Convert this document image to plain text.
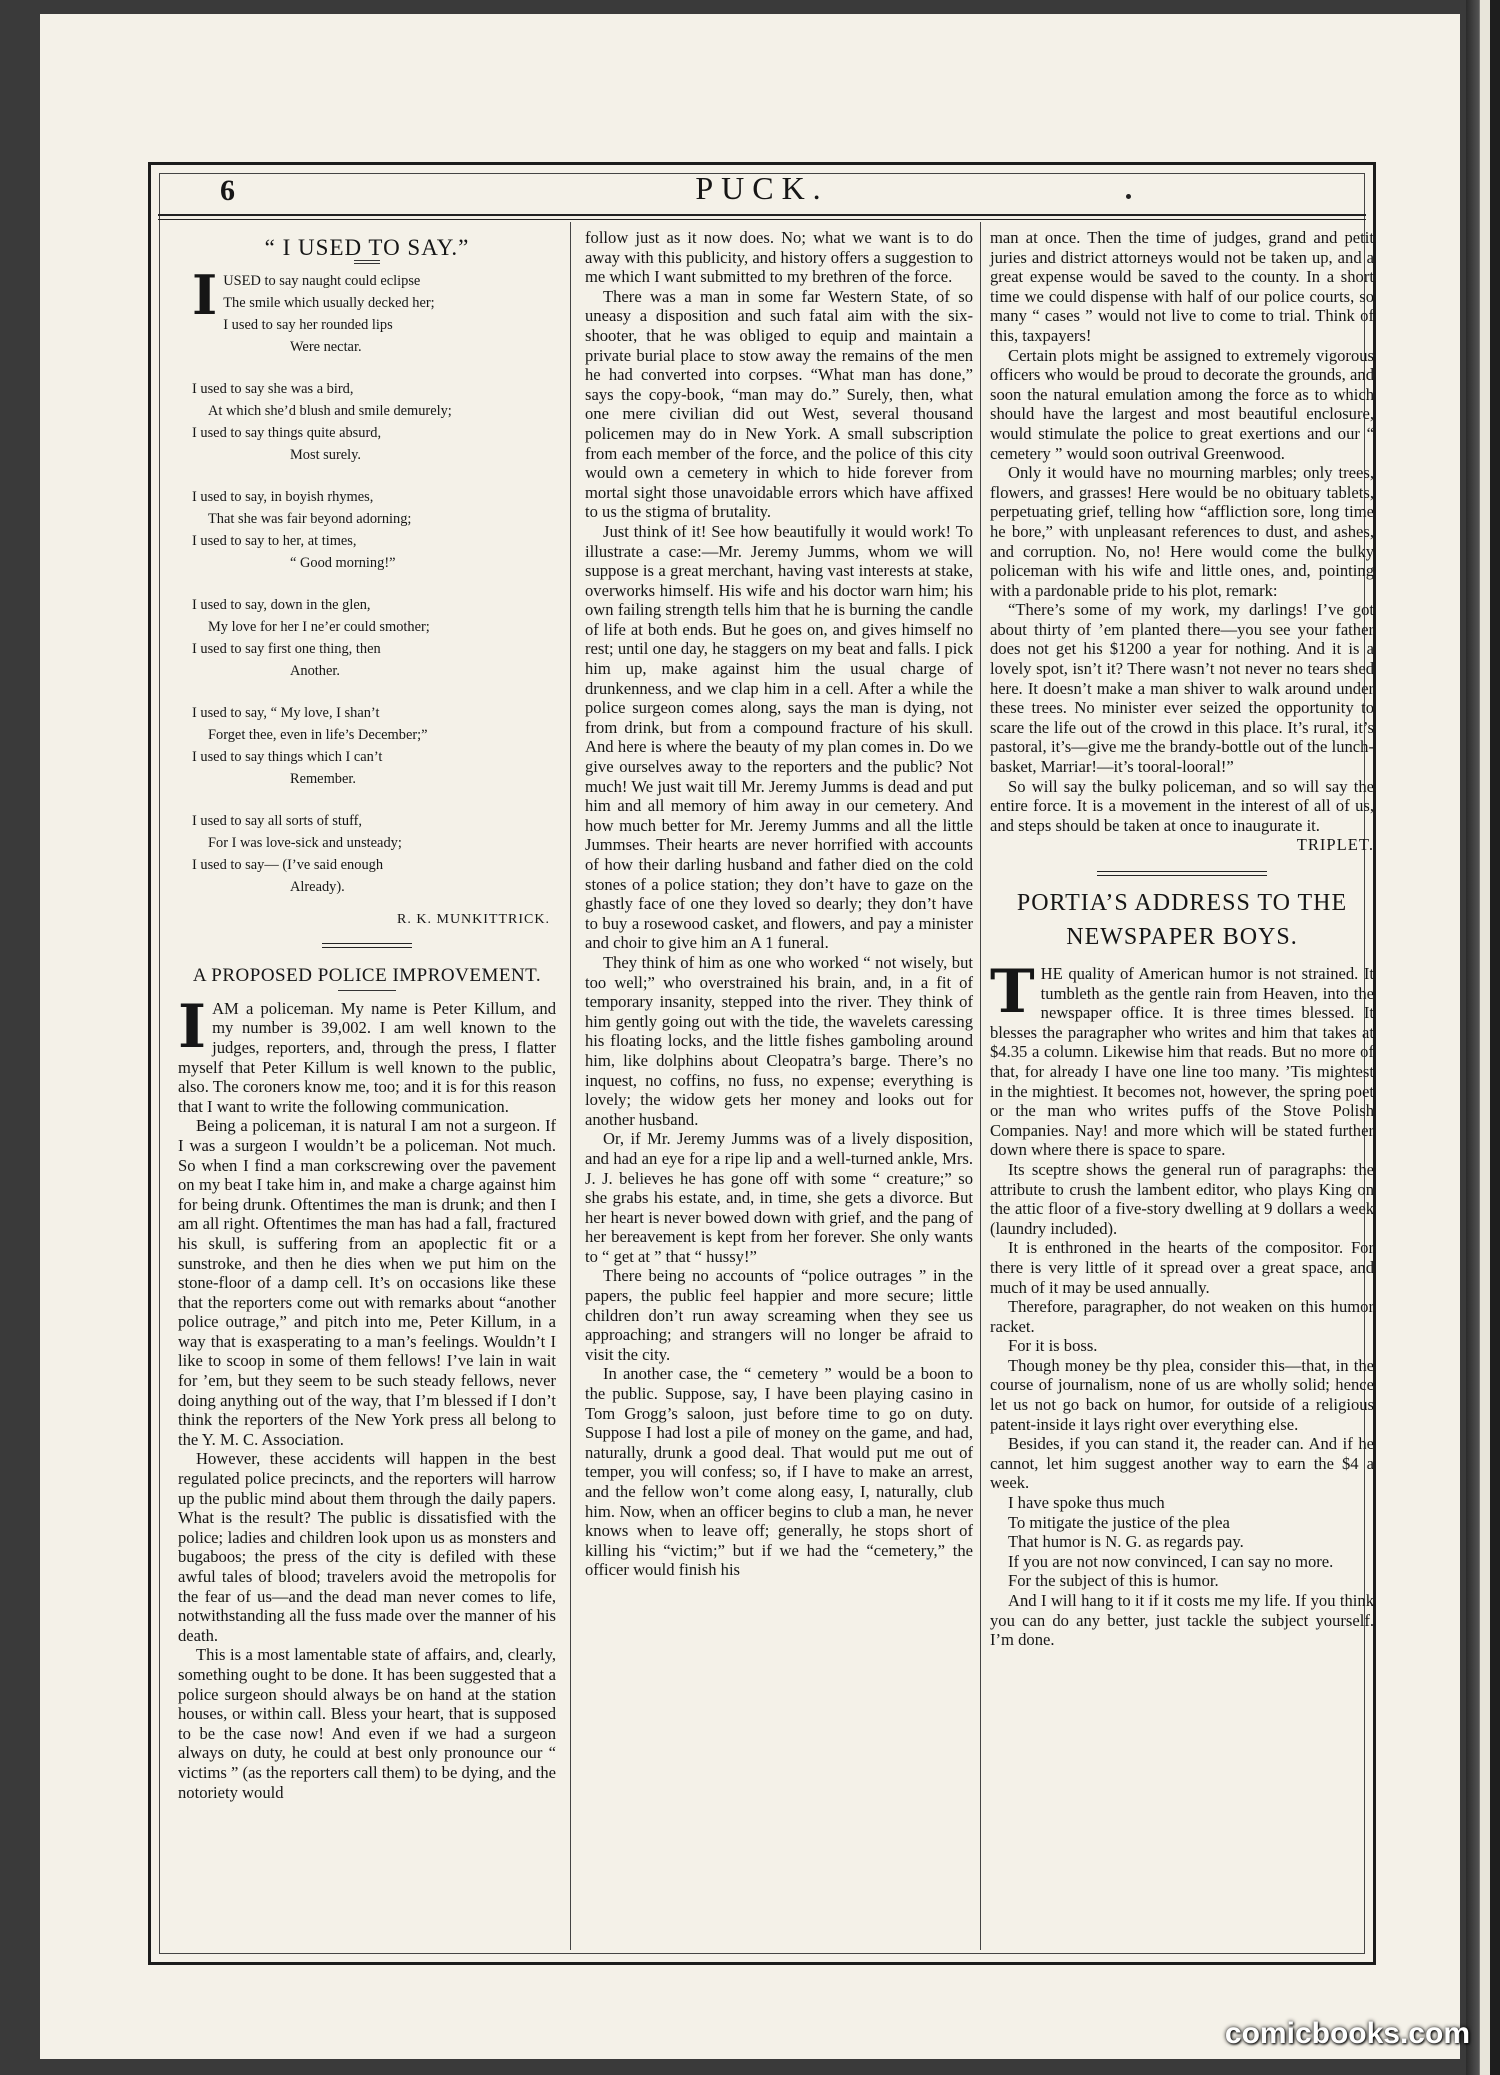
6	PUCK.
“ I USED TO SAY.”
I USED to say naught could eclipse
The smile which usually decked her;
I used to say her rounded lips
Were nectar.
I used to say she was a bird,
At which she’d blush and smile demurely;
I used to say things quite absurd,
Most surely.
I used to say, in boyish rhymes,
That she was fair beyond adorning;
I used to say to her, at times,
“ Good morning!”
I used to say, down in the glen,
My love for her I ne’er could smother;
I used to say first one thing, then
Another.
I used to say, “ My love, I shan’t
Forget thee, even in life’s December;”
I used to say things which I can’t
Remember.
I used to say all sorts of stuff,
For I was love-sick and unsteady;
I used to say— (I’ve said enough
Already).
R. K. MUNKITTRICK.
A PROPOSED POLICE IMPROVEMENT.
I AM a policeman. My name is Peter Killum, and my number is 39,002. I am well known to the judges, reporters, and, through the press, I flatter myself that Peter Killum is well known to the public, also. The coroners know me, too; and it is for this reason that I want to write the following communication.

Being a policeman, it is natural I am not a surgeon. If I was a surgeon I wouldn’t be a policeman. Not much. So when I find a man corkscrewing over the pavement on my beat I take him in, and make a charge against him for being drunk. Oftentimes the man is drunk; and then I am all right. Oftentimes the man has had a fall, fractured his skull, is suffering from an apoplectic fit or a sunstroke, and then he dies when we put him on the stone-floor of a damp cell. It’s on occasions like these that the reporters come out with remarks about “another police outrage,” and pitch into me, Peter Killum, in a way that is exasperating to a man’s feelings. Wouldn’t I like to scoop in some of them fellows! I’ve lain in wait for ’em, but they seem to be such steady fellows, never doing anything out of the way, that I’m blessed if I don’t think the reporters of the New York press all belong to the Y. M. C. Association.

However, these accidents will happen in the best regulated police precincts, and the reporters will harrow up the public mind about them through the daily papers. What is the result? The public is dissatisfied with the police; ladies and children look upon us as monsters and bugaboos; the press of the city is defiled with these awful tales of blood; travelers avoid the metropolis for the fear of us—and the dead man never comes to life, notwithstanding all the fuss made over the manner of his death.

This is a most lamentable state of affairs, and, clearly, something ought to be done. It has been suggested that a police surgeon should always be on hand at the station houses, or within call. Bless your heart, that is supposed to be the case now! And even if we had a surgeon always on duty, he could at best only pronounce our “ victims ” (as the reporters call them) to be dying, and the notoriety would

follow just as it now does. No; what we want is to do away with this publicity, and history offers a suggestion to me which I want submitted to my brethren of the force.

There was a man in some far Western State, of so uneasy a disposition and such fatal aim with the six-shooter, that he was obliged to equip and maintain a private burial place to stow away the remains of the men he had converted into corpses. “What man has done,” says the copy-book, “man may do.” Surely, then, what one mere civilian did out West, several thousand policemen may do in New York. A small subscription from each member of the force, and the police of this city would own a cemetery in which to hide forever from mortal sight those unavoidable errors which have affixed to us the stigma of brutality.

Just think of it! See how beautifully it would work! To illustrate a case:—Mr. Jeremy Jumms, whom we will suppose is a great merchant, having vast interests at stake, overworks himself. His wife and his doctor warn him; his own failing strength tells him that he is burning the candle of life at both ends. But he goes on, and gives himself no rest; until one day, he staggers on my beat and falls. I pick him up, make against him the usual charge of drunkenness, and we clap him in a cell. After a while the police surgeon comes along, says the man is dying, not from drink, but from a compound fracture of his skull. And here is where the beauty of my plan comes in. Do we give ourselves away to the reporters and the public? Not much! We just wait till Mr. Jeremy Jumms is dead and put him and all memory of him away in our cemetery. And how much better for Mr. Jeremy Jumms and all the little Jummses. Their hearts are never horrified with accounts of how their darling husband and father died on the cold stones of a police station; they don’t have to gaze on the ghastly face of one they loved so dearly; they don’t have to buy a rosewood casket, and flowers, and pay a minister and choir to give him an A 1 funeral.

They think of him as one who worked “ not wisely, but too well;” who overstrained his brain, and, in a fit of temporary insanity, stepped into the river. They think of him gently going out with the tide, the wavelets caressing his floating locks, and the little fishes gamboling around him, like dolphins about Cleopatra’s barge. There’s no inquest, no coffins, no fuss, no expense; everything is lovely; the widow gets her money and looks out for another husband.

Or, if Mr. Jeremy Jumms was of a lively disposition, and had an eye for a ripe lip and a well-turned ankle, Mrs. J. J. believes he has gone off with some “ creature;” so she grabs his estate, and, in time, she gets a divorce. But her heart is never bowed down with grief, and the pang of her bereavement is kept from her forever. She only wants to “ get at ” that “ hussy!”

There being no accounts of “police outrages ” in the papers, the public feel happier and more secure; little children don’t run away screaming when they see us approaching; and strangers will no longer be afraid to visit the city.

In another case, the “ cemetery ” would be a boon to the public. Suppose, say, I have been playing casino in Tom Grogg’s saloon, just before time to go on duty. Suppose I had lost a pile of money on the game, and had, naturally, drunk a good deal. That would put me out of temper, you will confess; so, if I have to make an arrest, and the fellow won’t come along easy, I, naturally, club him. Now, when an officer begins to club a man, he never knows when to leave off; generally, he stops short of killing his “victim;” but if we had the “cemetery,” the officer would finish his

man at once. Then the time of judges, grand and petit juries and district attorneys would not be taken up, and a great expense would be saved to the county. In a short time we could dispense with half of our police courts, so many “ cases ” would not live to come to trial. Think of this, taxpayers!

Certain plots might be assigned to extremely vigorous officers who would be proud to decorate the grounds, and soon the natural emulation among the force as to which should have the largest and most beautiful enclosure, would stimulate the police to great exertions and our “ cemetery ” would soon outrival Greenwood.

Only it would have no mourning marbles; only trees, flowers, and grasses! Here would be no obituary tablets, perpetuating grief, telling how “affliction sore, long time he bore,” with unpleasant references to dust, and ashes, and corruption. No, no! Here would come the bulky policeman with his wife and little ones, and, pointing with a pardonable pride to his plot, remark:

“There’s some of my work, my darlings! I’ve got about thirty of ’em planted there—you see your father does not get his $1200 a year for nothing. And it is a lovely spot, isn’t it? There wasn’t not never no tears shed here. It doesn’t make a man shiver to walk around under these trees. No minister ever seized the opportunity to scare the life out of the crowd in this place. It’s rural, it’s pastoral, it’s—give me the brandy-bottle out of the lunch-basket, Marriar!—it’s tooral-looral!”

So will say the bulky policeman, and so will say the entire force. It is a movement in the interest of all of us, and steps should be taken at once to inaugurate it.

TRIPLET.
PORTIA’S ADDRESS TO THE NEWSPAPER BOYS.
T HE quality of American humor is not strained. It tumbleth as the gentle rain from Heaven, into the newspaper office. It is three times blessed. It blesses the paragrapher who writes and him that takes at $4.35 a column. Likewise him that reads. But no more of that, for already I have one line too many. ’Tis mightest in the mightiest. It becomes not, however, the spring poet or the man who writes puffs of the Stove Polish Companies. Nay! and more which will be stated further down where there is space to spare.

Its sceptre shows the general run of paragraphs: the attribute to crush the lambent editor, who plays King on the attic floor of a five-story dwelling at 9 dollars a week (laundry included).

It is enthroned in the hearts of the compositor. For there is very little of it spread over a great space, and much of it may be used annually.

Therefore, paragrapher, do not weaken on this humor racket.

For it is boss.

Though money be thy plea, consider this—that, in the course of journalism, none of us are wholly solid; hence let us not go back on humor, for outside of a religious patent-inside it lays right over everything else.

Besides, if you can stand it, the reader can. And if he cannot, let him suggest another way to earn the $4 a week.

I have spoke thus much

To mitigate the justice of the plea

That humor is N. G. as regards pay.

If you are not now convinced, I can say no more.

For the subject of this is humor.

And I will hang to it if it costs me my life. If you think you can do any better, just tackle the subject yourself. I’m done.

comicbooks.com
